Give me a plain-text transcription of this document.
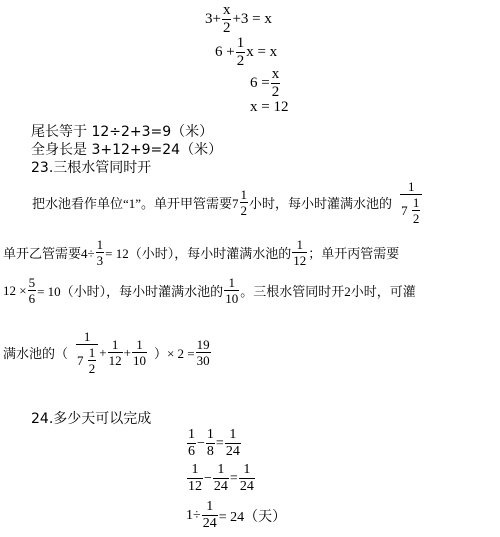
$3+ \frac{x}{2} +3 = x$
$6 + \frac{1}{2}$ x = x
$6 = \frac{x}{2}$
x = 12
尾长等于 12÷2+3=9（米）
全身长是 3+12+9=24（米）
23.三根水管同时开
把水池看作单位“1”。单开甲管需要$7 \frac{1}{2}$ 小时，每小时灌满水池的 $\frac{1}{7 \frac{1}{2}}$
单开乙管需要$4\div \frac{1}{3} = 12$（小时），每小时灌满水池的 $\frac{1}{12}$ ；单开丙管需要
$12 \times \frac{5}{6} = 10$（小时），每小时灌满水池的 $\frac{1}{10}$ 。三根水管同时开2小时，可灌
满水池的（ $\frac{1}{7 \frac{1}{2}} + \frac{1}{12} + \frac{1}{10}$ ）× $2 = \frac{19}{30}$
24.多少天可以完成
$\frac{1}{6} - \frac{1}{8} = \frac{1}{24}$
$\frac{1}{12} - \frac{1}{24} = \frac{1}{24}$
$1\div \frac{1}{24} = 24$（天）
